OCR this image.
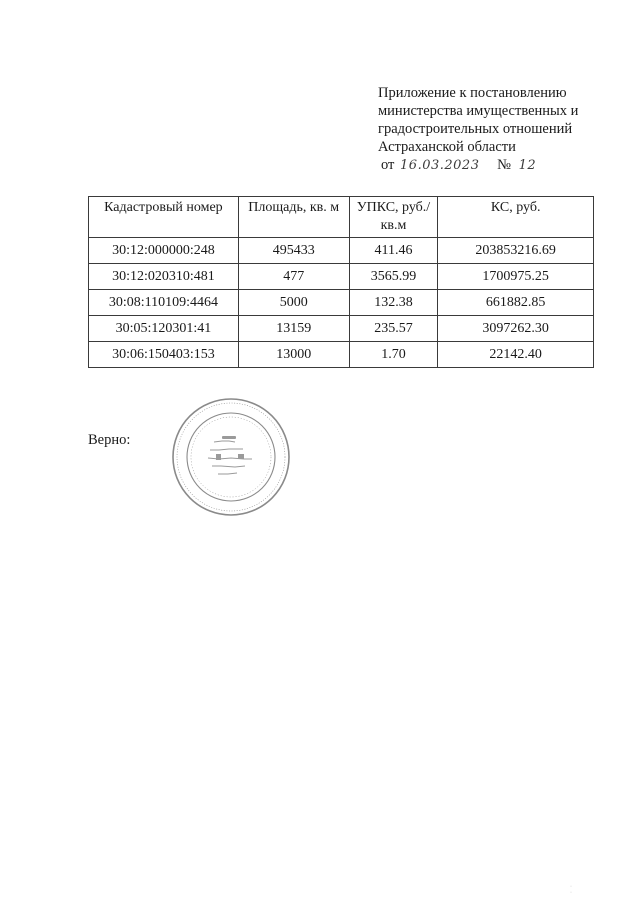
Приложение к постановлению
министерства имущественных и
градостроительных отношений
Астраханской области
от 16.03.2023 № 12
Кадастровый номер	Площадь, кв. м	УПКС, руб./кв.м	КС, руб.
30:12:000000:248	495433	411.46	203853216.69
30:12:020310:481	477	3565.99	1700975.25
30:08:110109:4464	5000	132.38	661882.85
30:05:120301:41	13159	235.57	3097262.30
30:06:150403:153	13000	1.70	22142.40
Верно:
· ·
